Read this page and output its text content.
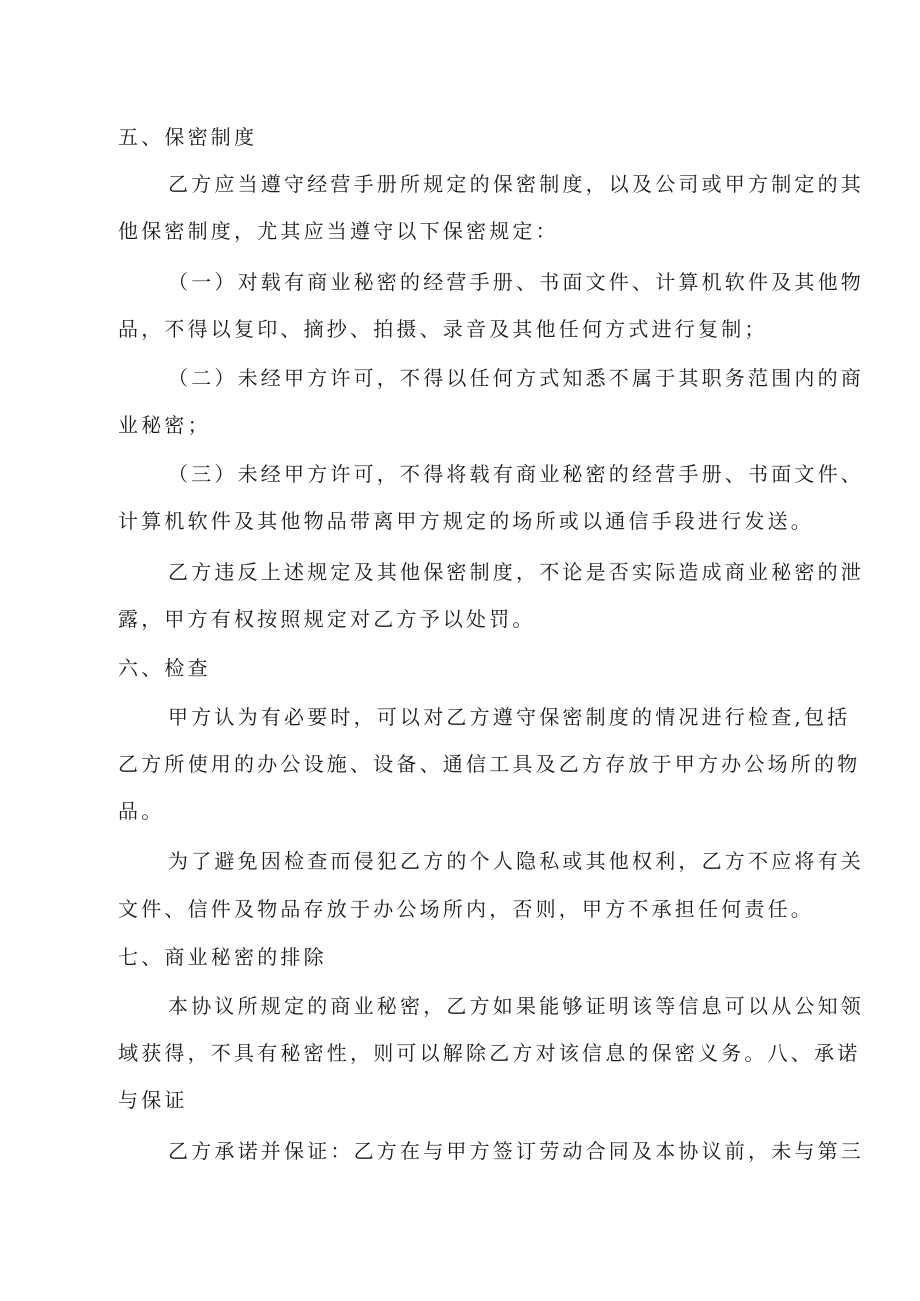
五、保密制度
乙方应当遵守经营手册所规定的保密制度，以及公司或甲方制定的其
他保密制度，尤其应当遵守以下保密规定：
（一）对载有商业秘密的经营手册、书面文件、计算机软件及其他物
品，不得以复印、摘抄、拍摄、录音及其他任何方式进行复制；
（二）未经甲方许可，不得以任何方式知悉不属于其职务范围内的商
业秘密；
（三）未经甲方许可，不得将载有商业秘密的经营手册、书面文件、
计算机软件及其他物品带离甲方规定的场所或以通信手段进行发送。
乙方违反上述规定及其他保密制度，不论是否实际造成商业秘密的泄
露，甲方有权按照规定对乙方予以处罚。
六、检查
甲方认为有必要时，可以对乙方遵守保密制度的情况进行检查,包括
乙方所使用的办公设施、设备、通信工具及乙方存放于甲方办公场所的物
品。
为了避免因检查而侵犯乙方的个人隐私或其他权利，乙方不应将有关
文件、信件及物品存放于办公场所内，否则，甲方不承担任何责任。
七、商业秘密的排除
本协议所规定的商业秘密，乙方如果能够证明该等信息可以从公知领
域获得，不具有秘密性，则可以解除乙方对该信息的保密义务。八、承诺
与保证
乙方承诺并保证：乙方在与甲方签订劳动合同及本协议前，未与第三
